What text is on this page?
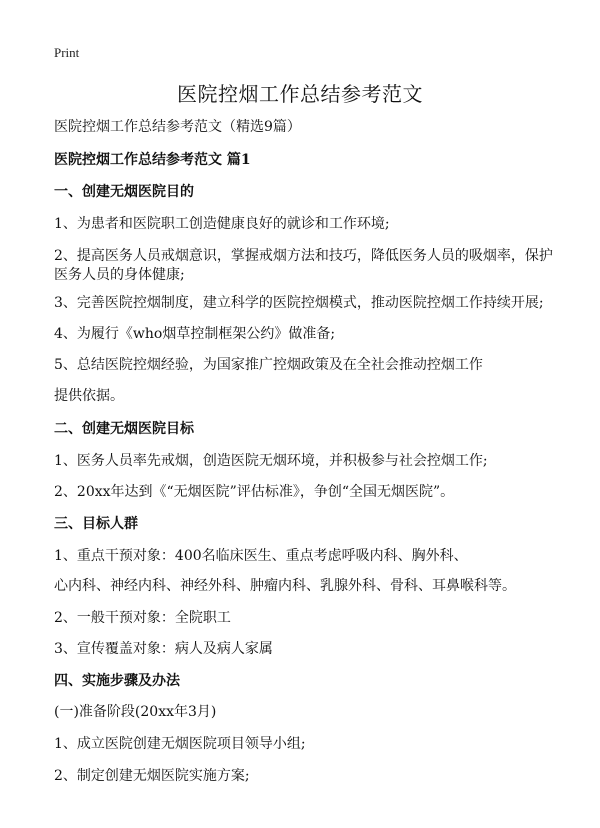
Print

医院控烟工作总结参考范文

医院控烟工作总结参考范文（精选9篇）

医院控烟工作总结参考范文 篇1

一、创建无烟医院目的

1、为患者和医院职工创造健康良好的就诊和工作环境;

2、提高医务人员戒烟意识，掌握戒烟方法和技巧，降低医务人员的吸烟率，保护

医务人员的身体健康;

3、完善医院控烟制度，建立科学的医院控烟模式，推动医院控烟工作持续开展;

4、为履行《who烟草控制框架公约》做准备;

5、总结医院控烟经验，为国家推广控烟政策及在全社会推动控烟工作

提供依据。

二、创建无烟医院目标

1、医务人员率先戒烟，创造医院无烟环境，并积极参与社会控烟工作;

2、20xx年达到《“无烟医院”评估标准》，争创“全国无烟医院”。

三、目标人群

1、重点干预对象：400名临床医生、重点考虑呼吸内科、胸外科、

心内科、神经内科、神经外科、肿瘤内科、乳腺外科、骨科、耳鼻喉科等。

2、一般干预对象：全院职工

3、宣传覆盖对象：病人及病人家属

四、实施步骤及办法

(一)准备阶段(20xx年3月)

1、成立医院创建无烟医院项目领导小组;

2、制定创建无烟医院实施方案;
